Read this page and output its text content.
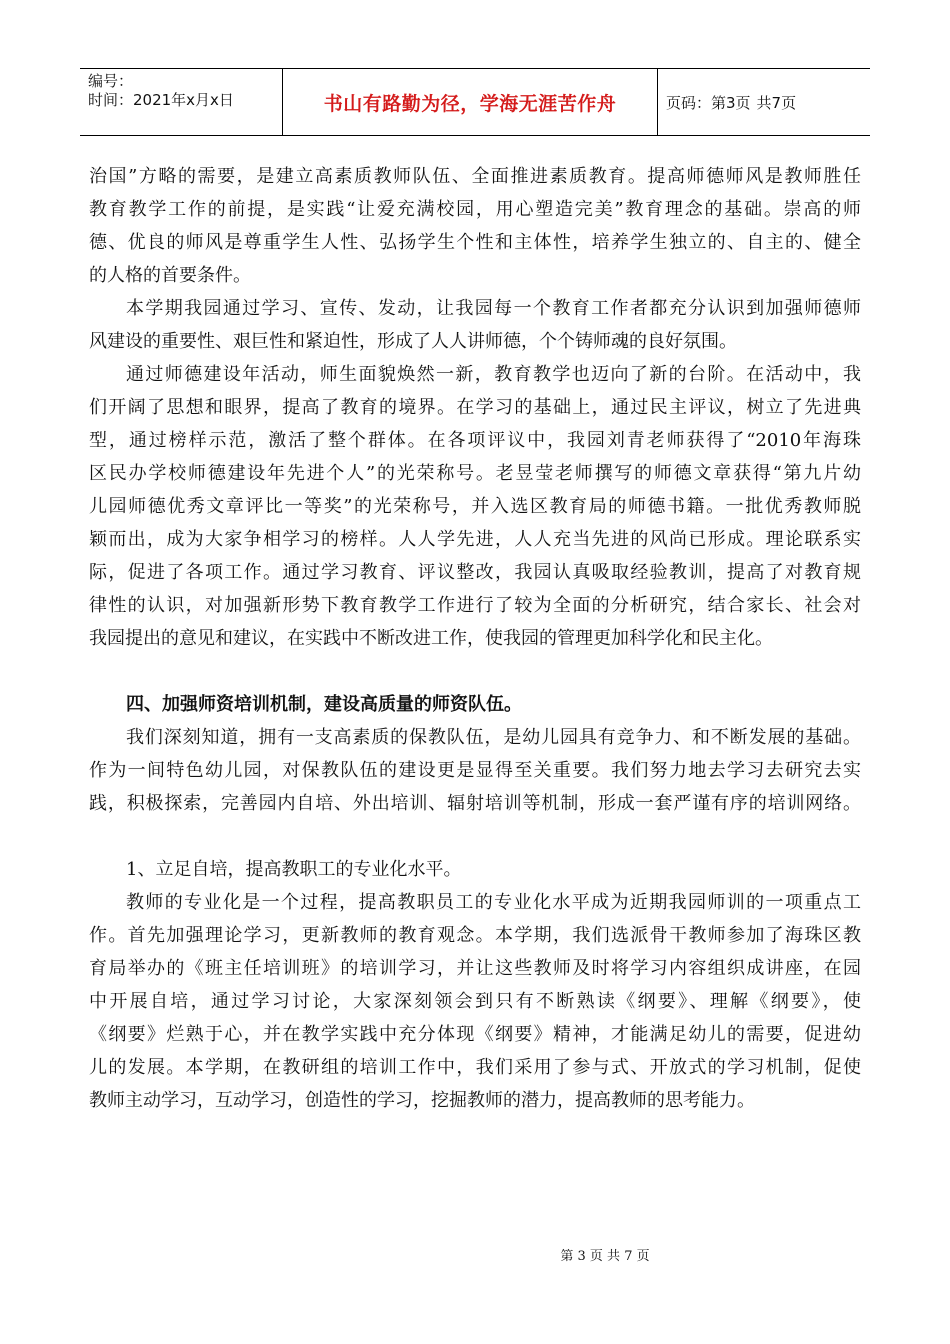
编号：
时间：2021年x月x日	书山有路勤为径，学海无涯苦作舟	页码：第3页 共7页
治国”方略的需要，是建立高素质教师队伍、全面推进素质教育。提高师德师风是教师胜任
教育教学工作的前提，是实践“让爱充满校园，用心塑造完美”教育理念的基础。崇高的师
德、优良的师风是尊重学生人性、弘扬学生个性和主体性，培养学生独立的、自主的、健全
的人格的首要条件。
本学期我园通过学习、宣传、发动，让我园每一个教育工作者都充分认识到加强师德师
风建设的重要性、艰巨性和紧迫性，形成了人人讲师德，个个铸师魂的良好氛围。
通过师德建设年活动，师生面貌焕然一新，教育教学也迈向了新的台阶。在活动中，我
们开阔了思想和眼界，提高了教育的境界。在学习的基础上，通过民主评议，树立了先进典
型，通过榜样示范，激活了整个群体。在各项评议中，我园刘青老师获得了“2010年海珠
区民办学校师德建设年先进个人”的光荣称号。老昱莹老师撰写的师德文章获得“第九片幼
儿园师德优秀文章评比一等奖”的光荣称号，并入选区教育局的师德书籍。一批优秀教师脱
颖而出，成为大家争相学习的榜样。人人学先进，人人充当先进的风尚已形成。理论联系实
际，促进了各项工作。通过学习教育、评议整改，我园认真吸取经验教训，提高了对教育规
律性的认识，对加强新形势下教育教学工作进行了较为全面的分析研究，结合家长、社会对
我园提出的意见和建议，在实践中不断改进工作，使我园的管理更加科学化和民主化。
四、加强师资培训机制，建设高质量的师资队伍。
我们深刻知道，拥有一支高素质的保教队伍，是幼儿园具有竞争力、和不断发展的基础。
作为一间特色幼儿园，对保教队伍的建设更是显得至关重要。我们努力地去学习去研究去实
践，积极探索，完善园内自培、外出培训、辐射培训等机制，形成一套严谨有序的培训网络。
1、立足自培，提高教职工的专业化水平。
教师的专业化是一个过程，提高教职员工的专业化水平成为近期我园师训的一项重点工
作。首先加强理论学习，更新教师的教育观念。本学期，我们选派骨干教师参加了海珠区教
育局举办的《班主任培训班》的培训学习，并让这些教师及时将学习内容组织成讲座，在园
中开展自培，通过学习讨论，大家深刻领会到只有不断熟读《纲要》、理解《纲要》，使
《纲要》烂熟于心，并在教学实践中充分体现《纲要》精神，才能满足幼儿的需要，促进幼
儿的发展。本学期，在教研组的培训工作中，我们采用了参与式、开放式的学习机制，促使
教师主动学习，互动学习，创造性的学习，挖掘教师的潜力，提高教师的思考能力。
第 3 页 共 7 页
